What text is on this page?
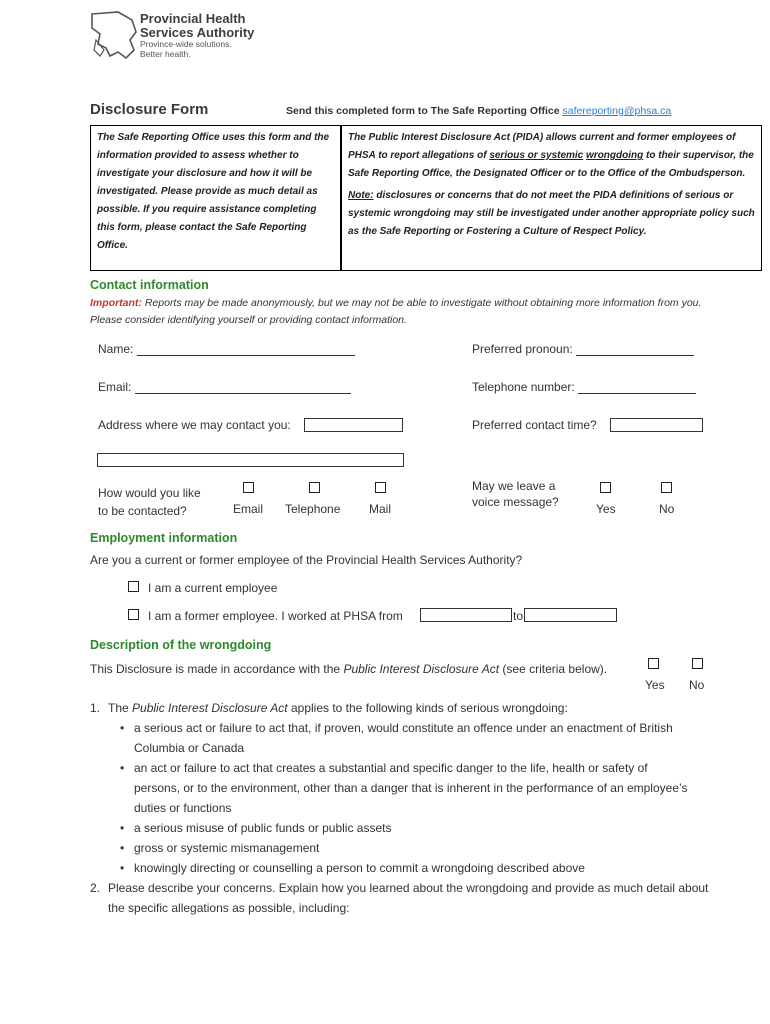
Provincial Health
Services Authority
Province-wide solutions.
Better health.
Disclosure Form	Send this completed form to The Safe Reporting Office safereporting@phsa.ca
The Safe Reporting Office uses this form and the information provided to assess whether to investigate your disclosure and how it will be investigated. Please provide as much detail as possible. If you require assistance completing this form, please contact the Safe Reporting Office.
The Public Interest Disclosure Act (PIDA) allows current and former employees of PHSA to report allegations of serious or systemic wrongdoing to their supervisor, the Safe Reporting Office, the Designated Officer or to the Office of the Ombudsperson.
Note: disclosures or concerns that do not meet the PIDA definitions of serious or systemic wrongdoing may still be investigated under another appropriate policy such as the Safe Reporting or Fostering a Culture of Respect Policy.
Contact information
Important: Reports may be made anonymously, but we may not be able to investigate without obtaining more information from you. Please consider identifying yourself or providing contact information.
Name:	Preferred pronoun:
Email:	Telephone number:
Address where we may contact you:	Preferred contact time?
How would you like
to be contacted?	Email Telephone Mail
May we leave a
voice message?	Yes	No
Employment information
Are you a current or former employee of the Provincial Health Services Authority?
I am a current employee
I am a former employee. I worked at PHSA from	to
Description of the wrongdoing
This Disclosure is made in accordance with the Public Interest Disclosure Act (see criteria below).
Yes No
1. The Public Interest Disclosure Act applies to the following kinds of serious wrongdoing:
• a serious act or failure to act that, if proven, would constitute an offence under an enactment of British Columbia or Canada
• an act or failure to act that creates a substantial and specific danger to the life, health or safety of persons, or to the environment, other than a danger that is inherent in the performance of an employee’s duties or functions
• a serious misuse of public funds or public assets
• gross or systemic mismanagement
• knowingly directing or counselling a person to commit a wrongdoing described above
2. Please describe your concerns. Explain how you learned about the wrongdoing and provide as much detail about the specific allegations as possible, including:
